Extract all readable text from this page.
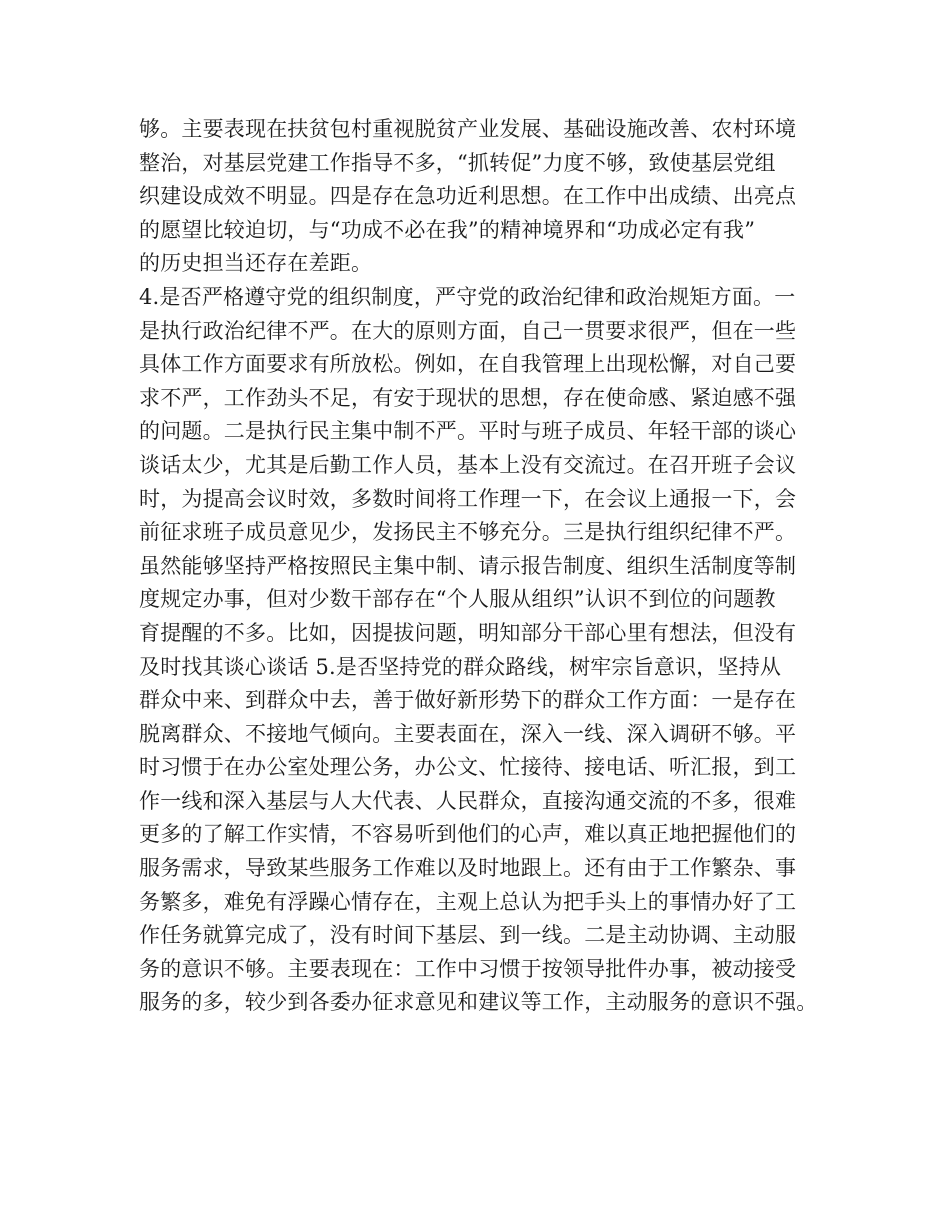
够。主要表现在扶贫包村重视脱贫产业发展、基础设施改善、农村环境
整治，对基层党建工作指导不多，“抓转促”力度不够，致使基层党组
织建设成效不明显。四是存在急功近利思想。在工作中出成绩、出亮点
的愿望比较迫切，与“功成不必在我”的精神境界和“功成必定有我”
的历史担当还存在差距。
4.是否严格遵守党的组织制度，严守党的政治纪律和政治规矩方面。一
是执行政治纪律不严。在大的原则方面，自己一贯要求很严，但在一些
具体工作方面要求有所放松。例如，在自我管理上出现松懈，对自己要
求不严，工作劲头不足，有安于现状的思想，存在使命感、紧迫感不强
的问题。二是执行民主集中制不严。平时与班子成员、年轻干部的谈心
谈话太少，尤其是后勤工作人员，基本上没有交流过。在召开班子会议
时，为提高会议时效，多数时间将工作理一下，在会议上通报一下，会
前征求班子成员意见少，发扬民主不够充分。三是执行组织纪律不严。
虽然能够坚持严格按照民主集中制、请示报告制度、组织生活制度等制
度规定办事，但对少数干部存在“个人服从组织”认识不到位的问题教
育提醒的不多。比如，因提拔问题，明知部分干部心里有想法，但没有
及时找其谈心谈话 5.是否坚持党的群众路线，树牢宗旨意识，坚持从
群众中来、到群众中去，善于做好新形势下的群众工作方面：一是存在
脱离群众、不接地气倾向。主要表面在，深入一线、深入调研不够。平
时习惯于在办公室处理公务，办公文、忙接待、接电话、听汇报，到工
作一线和深入基层与人大代表、人民群众，直接沟通交流的不多，很难
更多的了解工作实情，不容易听到他们的心声，难以真正地把握他们的
服务需求，导致某些服务工作难以及时地跟上。还有由于工作繁杂、事
务繁多，难免有浮躁心情存在，主观上总认为把手头上的事情办好了工
作任务就算完成了，没有时间下基层、到一线。二是主动协调、主动服
务的意识不够。主要表现在：工作中习惯于按领导批件办事，被动接受
服务的多，较少到各委办征求意见和建议等工作，主动服务的意识不强。
